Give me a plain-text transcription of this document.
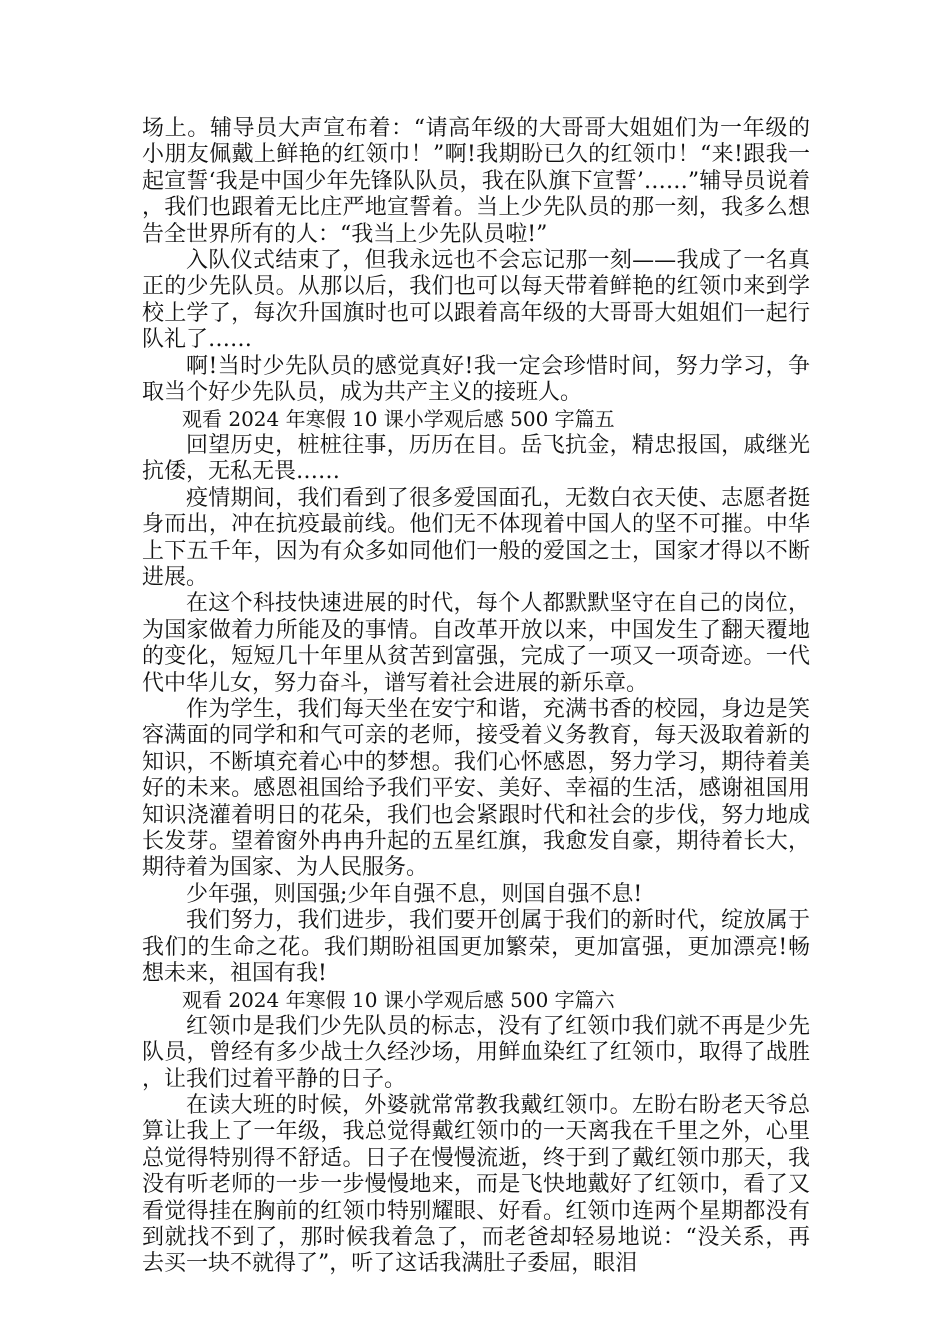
场上。辅导员大声宣布着：“请高年级的大哥哥大姐姐们为一年级的小朋友佩戴上鲜艳的红领巾！”啊!我期盼已久的红领巾！“来!跟我一起宣誓‘我是中国少年先锋队队员，我在队旗下宣誓’……”辅导员说着，我们也跟着无比庄严地宣誓着。当上少先队员的那一刻，我多么想告全世界所有的人：“我当上少先队员啦!”

入队仪式结束了，但我永远也不会忘记那一刻——我成了一名真正的少先队员。从那以后，我们也可以每天带着鲜艳的红领巾来到学校上学了，每次升国旗时也可以跟着高年级的大哥哥大姐姐们一起行队礼了……

啊!当时少先队员的感觉真好!我一定会珍惜时间，努力学习，争取当个好少先队员，成为共产主义的接班人。

观看 2024 年寒假 10 课小学观后感 500 字篇五

回望历史，桩桩往事，历历在目。岳飞抗金，精忠报国，戚继光抗倭，无私无畏……

疫情期间，我们看到了很多爱国面孔，无数白衣天使、志愿者挺身而出，冲在抗疫最前线。他们无不体现着中国人的坚不可摧。中华上下五千年，因为有众多如同他们一般的爱国之士，国家才得以不断进展。

在这个科技快速进展的时代，每个人都默默坚守在自己的岗位，为国家做着力所能及的事情。自改革开放以来，中国发生了翻天覆地的变化，短短几十年里从贫苦到富强，完成了一项又一项奇迹。一代代中华儿女，努力奋斗，谱写着社会进展的新乐章。

作为学生，我们每天坐在安宁和谐，充满书香的校园，身边是笑容满面的同学和和气可亲的老师，接受着义务教育，每天汲取着新的知识，不断填充着心中的梦想。我们心怀感恩，努力学习，期待着美好的未来。感恩祖国给予我们平安、美好、幸福的生活，感谢祖国用知识浇灌着明日的花朵，我们也会紧跟时代和社会的步伐，努力地成长发芽。望着窗外冉冉升起的五星红旗，我愈发自豪，期待着长大，期待着为国家、为人民服务。

少年强，则国强;少年自强不息，则国自强不息!

我们努力，我们进步，我们要开创属于我们的新时代，绽放属于我们的生命之花。我们期盼祖国更加繁荣，更加富强，更加漂亮!畅想未来，祖国有我!

观看 2024 年寒假 10 课小学观后感 500 字篇六

红领巾是我们少先队员的标志，没有了红领巾我们就不再是少先队员，曾经有多少战士久经沙场，用鲜血染红了红领巾，取得了战胜，让我们过着平静的日子。

在读大班的时候，外婆就常常教我戴红领巾。左盼右盼老天爷总算让我上了一年级，我总觉得戴红领巾的一天离我在千里之外，心里总觉得特别得不舒适。日子在慢慢流逝，终于到了戴红领巾那天，我没有听老师的一步一步慢慢地来，而是飞快地戴好了红领巾，看了又看觉得挂在胸前的红领巾特别耀眼、好看。红领巾连两个星期都没有到就找不到了，那时候我着急了，而老爸却轻易地说：“没关系，再去买一块不就得了”，听了这话我满肚子委屈，眼泪
